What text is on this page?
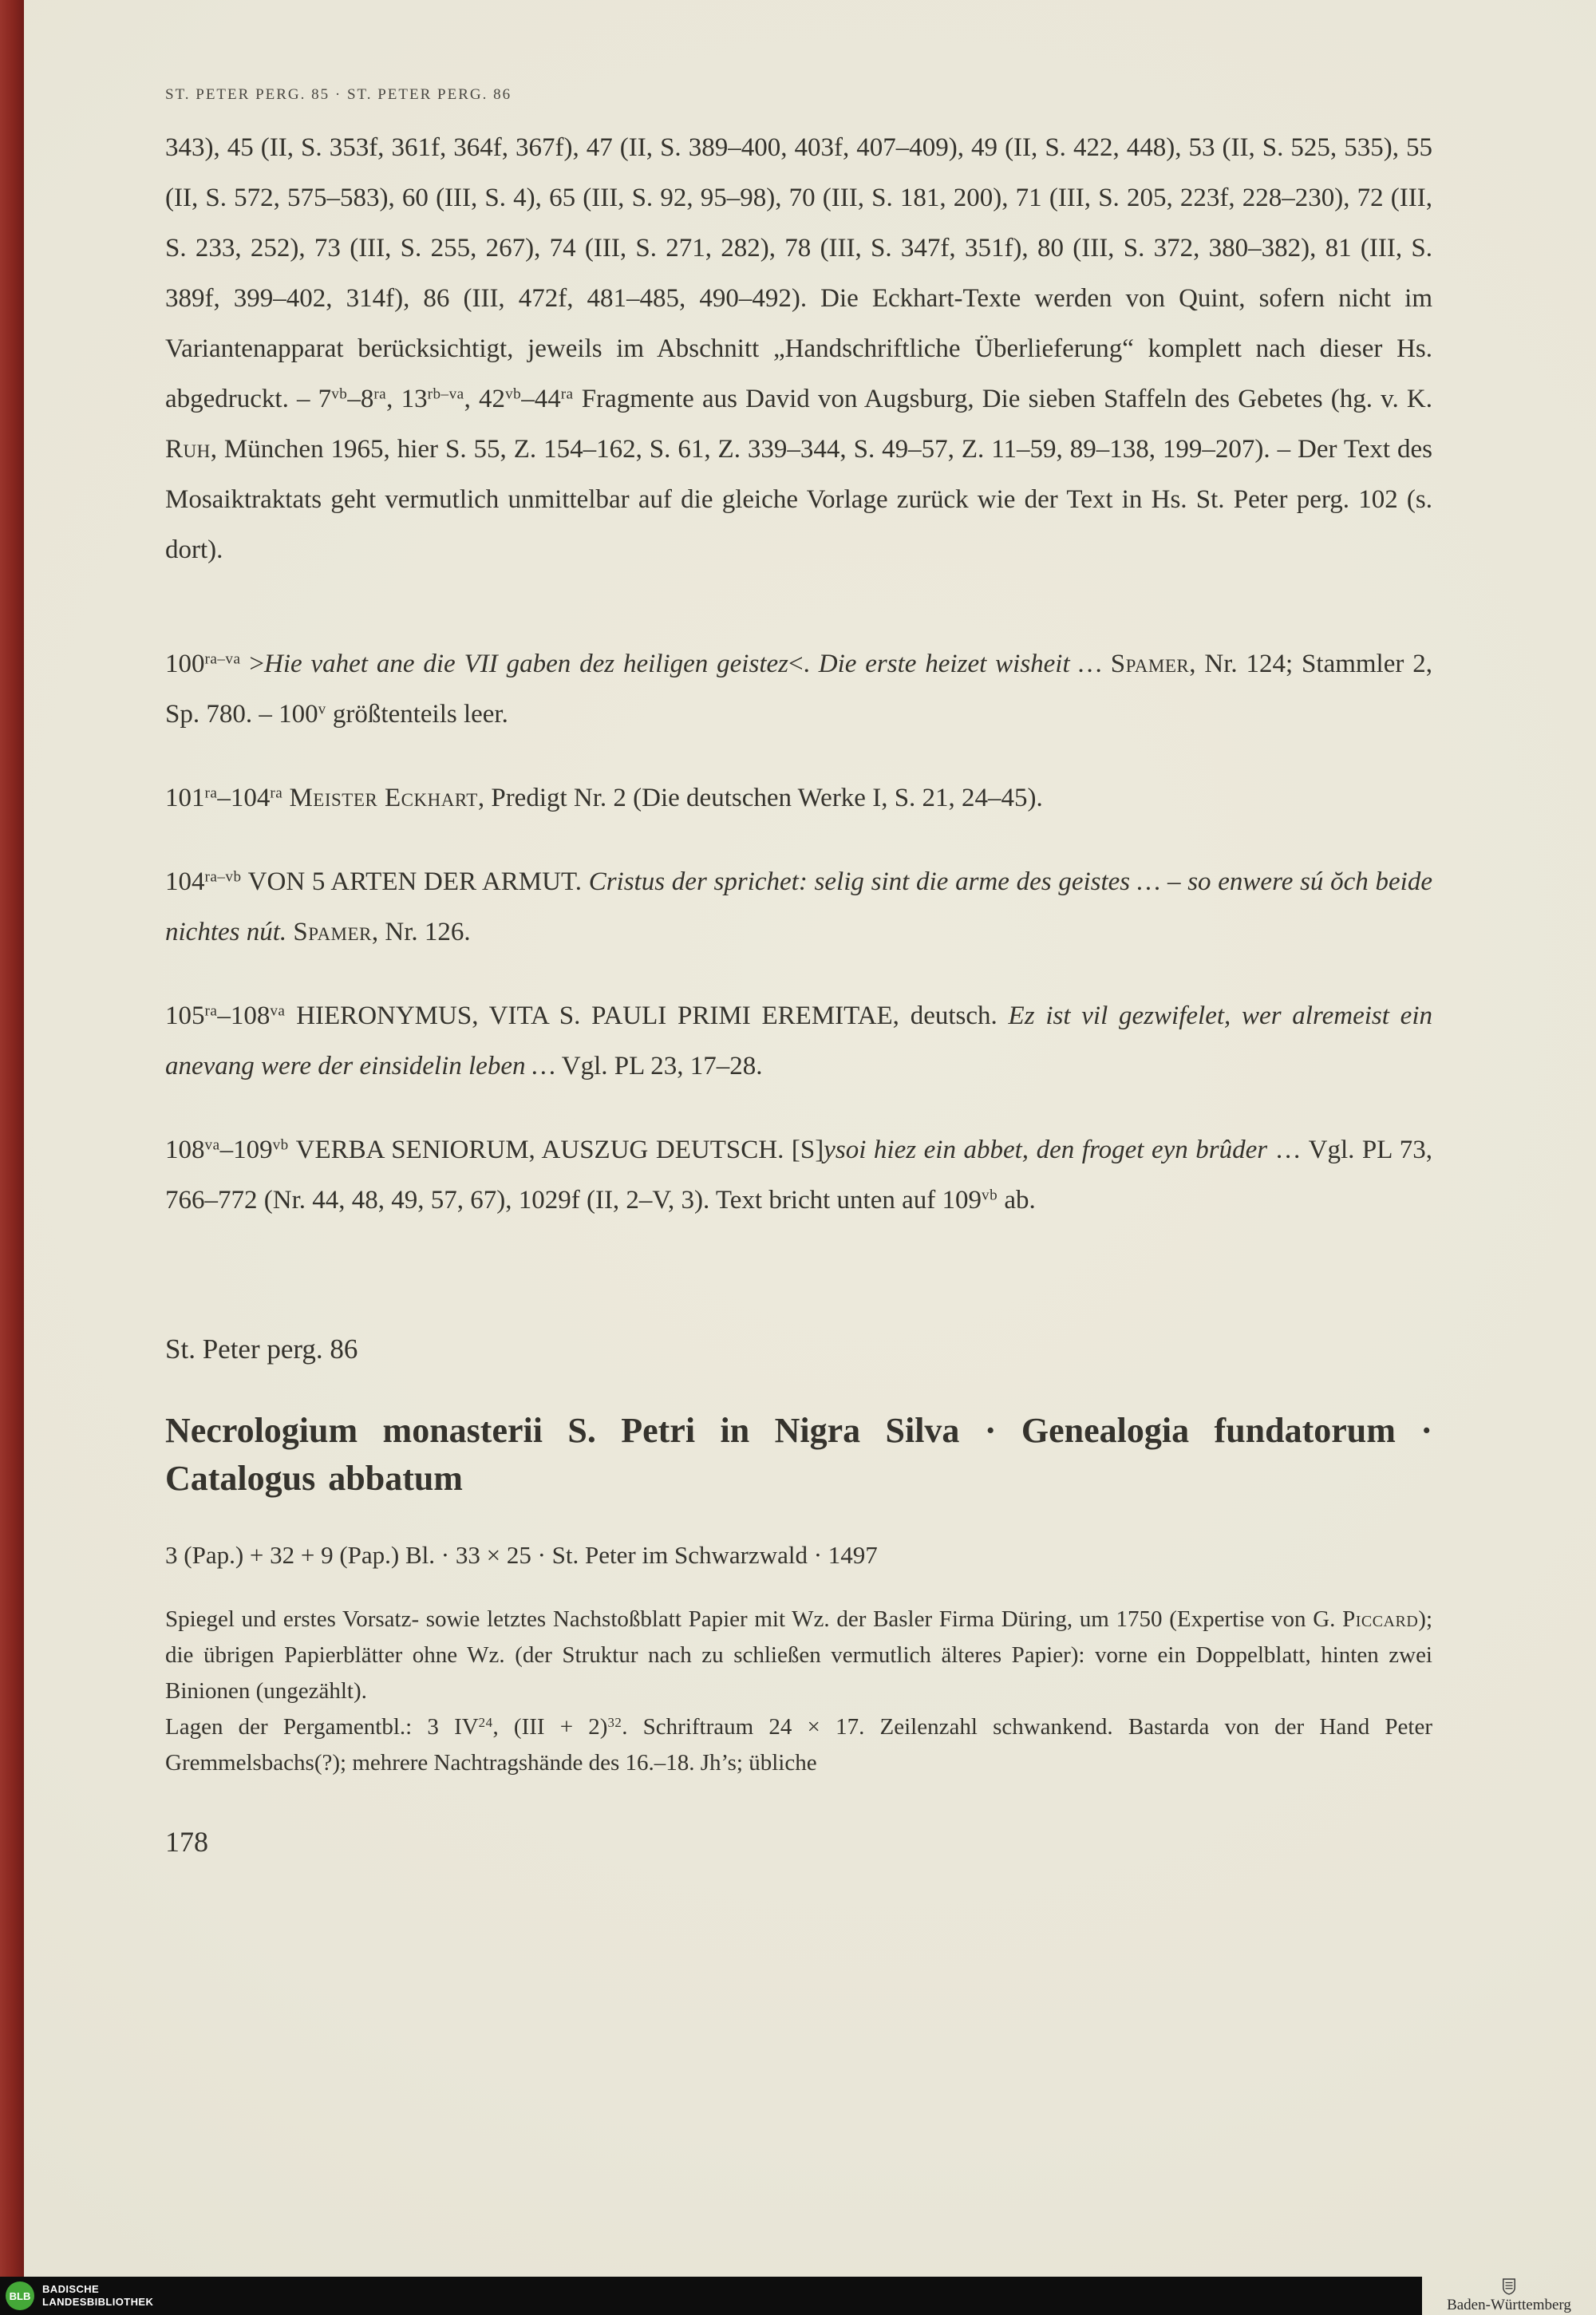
ST. PETER PERG. 85 · ST. PETER PERG. 86

343), 45 (II, S. 353f, 361f, 364f, 367f), 47 (II, S. 389–400, 403f, 407–409), 49 (II, S. 422, 448), 53 (II, S. 525, 535), 55 (II, S. 572, 575–583), 60 (III, S. 4), 65 (III, S. 92, 95–98), 70 (III, S. 181, 200), 71 (III, S. 205, 223f, 228–230), 72 (III, S. 233, 252), 73 (III, S. 255, 267), 74 (III, S. 271, 282), 78 (III, S. 347f, 351f), 80 (III, S. 372, 380–382), 81 (III, S. 389f, 399–402, 314f), 86 (III, 472f, 481–485, 490–492). Die Eckhart-Texte werden von Quint, sofern nicht im Variantenapparat berücksichtigt, jeweils im Abschnitt „Handschriftliche Überlieferung“ komplett nach dieser Hs. abgedruckt. – $7^{vb}-8^{ra}$, $13^{rb-va}$, $42^{vb}-44^{ra}$ Fragmente aus David von Augsburg, Die sieben Staffeln des Gebetes (hg. v. K. Ruh, München 1965, hier S. 55, Z. 154–162, S. 61, Z. 339–344, S. 49–57, Z. 11–59, 89–138, 199–207). – Der Text des Mosaiktraktats geht vermutlich unmittelbar auf die gleiche Vorlage zurück wie der Text in Hs. St. Peter perg. 102 (s. dort).

$100^{ra-va} >Hie$ vahet ane die VII gaben dez heiligen geistez<. Die erste heizet wisheit … Spamer, Nr. 124; Stammler 2, Sp. 780. – 100$^v$ größtenteils leer.

$101^{ra}-104^{ra}$ Meister Eckhart, Predigt Nr. 2 (Die deutschen Werke I, S. 21, 24–45).

$104^{ra-vb}$ VON 5 ARTEN DER ARMUT. Cristus der sprichet: selig sint die arme des geistes … – so enwere sú ŏch beide nichtes nút. Spamer, Nr. 126.

$105^{ra}-108^{va}$ HIERONYMUS, VITA S. PAULI PRIMI EREMITAE, deutsch. Ez ist vil gezwifelet, wer alremeist ein anevang were der einsidelin leben … Vgl. PL 23, 17–28.

$108^{va}-109^{vb}$ VERBA SENIORUM, AUSZUG DEUTSCH. [S]ysoi hiez ein abbet, den froget eyn brûder … Vgl. PL 73, 766–772 (Nr. 44, 48, 49, 57, 67), 1029f (II, 2–V, 3). Text bricht unten auf $109^{vb}$ ab.

St. Peter perg. 86
Necrologium monasterii S. Petri in Nigra Silva · Genealogia fundatorum · Catalogus abbatum

3 (Pap.) + 32 + 9 (Pap.) Bl. · 33 × 25 · St. Peter im Schwarzwald · 1497

Spiegel und erstes Vorsatz- sowie letztes Nachstoßblatt Papier mit Wz. der Basler Firma Düring, um 1750 (Expertise von G. Piccard); die übrigen Papierblätter ohne Wz. (der Struktur nach zu schließen vermutlich älteres Papier): vorne ein Doppelblatt, hinten zwei Binionen (ungezählt).

Lagen der Pergamentbl.: 3 IV$^{24}$, (III + 2)$^{32}$. Schriftraum 24 × 17. Zeilenzahl schwankend. Bastarda von der Hand Peter Gremmelsbachs(?); mehrere Nachtragshände des 16.–18. Jh’s; übliche

178
BLB
BADISCHE
LANDESBIBLIOTHEK	Baden-Württemberg
